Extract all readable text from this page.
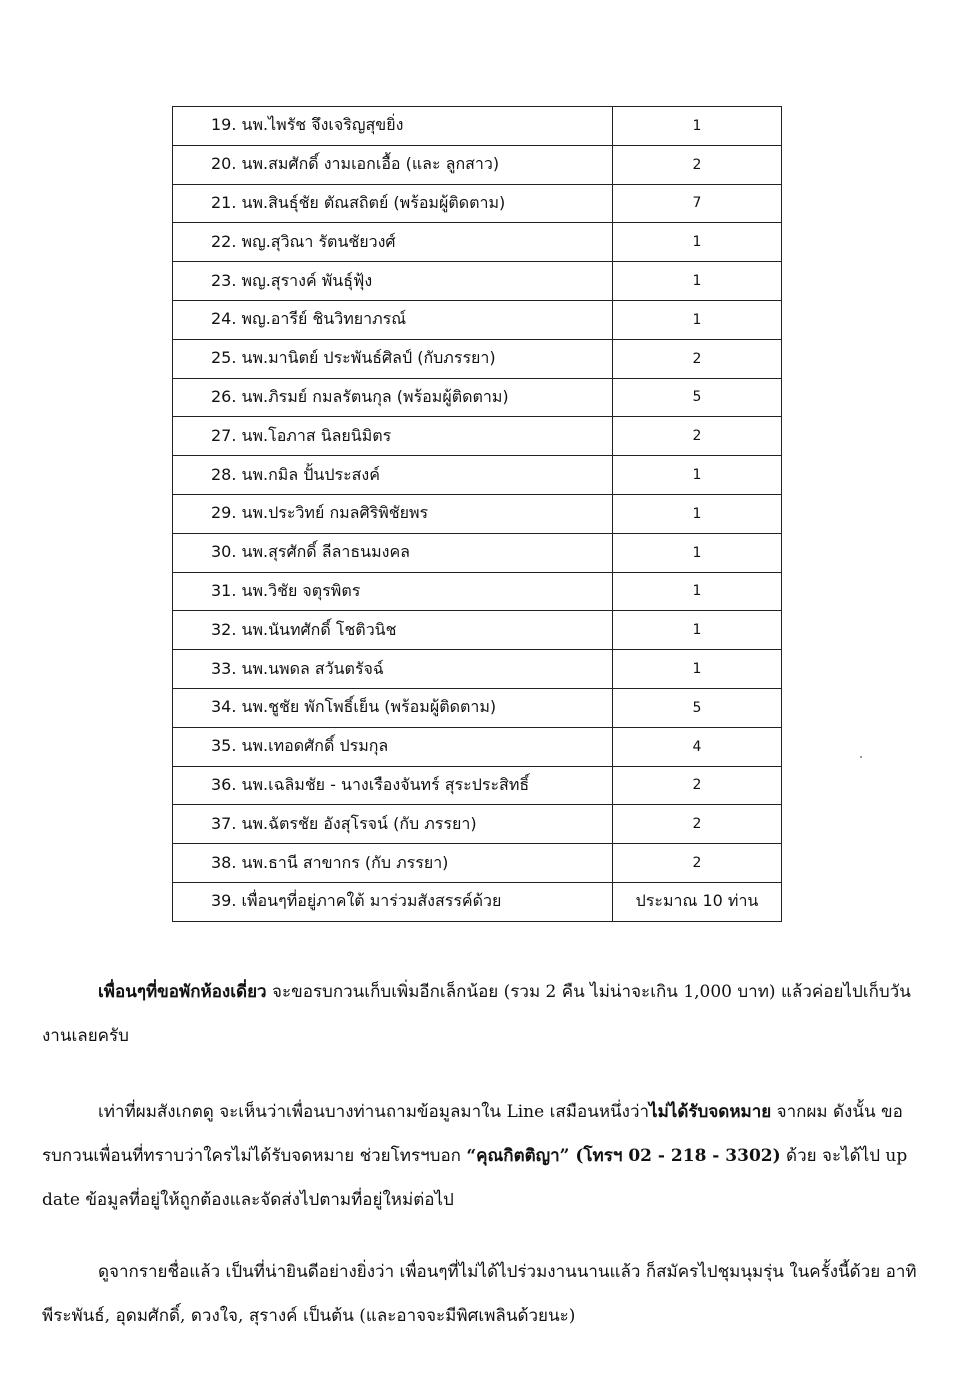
19. นพ.ไพรัช จึงเจริญสุขยิ่ง	1
20. นพ.สมศักดิ์ งามเอกเอื้อ (และ ลูกสาว)	2
21. นพ.สินธุ์ชัย ตัณสถิตย์ (พร้อมผู้ติดตาม)	7
22. พญ.สุวิณา รัตนชัยวงศ์	1
23. พญ.สุรางค์ พันธุ์ฟุ้ง	1
24. พญ.อารีย์ ชินวิทยาภรณ์	1
25. นพ.มานิตย์ ประพันธ์ศิลป์ (กับภรรยา)	2
26. นพ.ภิรมย์ กมลรัตนกุล (พร้อมผู้ติดตาม)	5
27. นพ.โอภาส นิลยนิมิตร	2
28. นพ.กมิล ปั้นประสงค์	1
29. นพ.ประวิทย์ กมลศิริพิชัยพร	1
30. นพ.สุรศักดิ์ ลีลาธนมงคล	1
31. นพ.วิชัย จตุรพิตร	1
32. นพ.นันทศักดิ์ โชติวนิช	1
33. นพ.นพดล สวันตรัจฉ์	1
34. นพ.ชูชัย พักโพธิ์เย็น (พร้อมผู้ติดตาม)	5
35. นพ.เทอดศักดิ์ ปรมกุล	4
36. นพ.เฉลิมชัย - นางเรืองจันทร์ สุระประสิทธิ์	2
37. นพ.ฉัตรชัย อังสุโรจน์ (กับ ภรรยา)	2
38. นพ.ธานี สาขากร (กับ ภรรยา)	2
39. เพื่อนๆที่อยู่ภาคใต้ มาร่วมสังสรรค์ด้วย	ประมาณ 10 ท่าน

เพื่อนๆที่ขอพักห้องเดี่ยว จะขอรบกวนเก็บเพิ่มอีกเล็กน้อย (รวม 2 คืน ไม่น่าจะเกิน 1,000 บาท) แล้วค่อยไปเก็บวันงานเลยครับ

เท่าที่ผมสังเกตดู จะเห็นว่าเพื่อนบางท่านถามข้อมูลมาใน Line เสมือนหนึ่งว่าไม่ได้รับจดหมาย จากผม ดังนั้น ขอรบกวนเพื่อนที่ทราบว่าใครไม่ได้รับจดหมาย ช่วยโทรฯบอก “คุณกิตติญา” (โทรฯ 02 - 218 - 3302) ด้วย จะได้ไป up date ข้อมูลที่อยู่ให้ถูกต้องและจัดส่งไปตามที่อยู่ใหม่ต่อไป

ดูจากรายชื่อแล้ว เป็นที่น่ายินดีอย่างยิ่งว่า เพื่อนๆที่ไม่ได้ไปร่วมงานนานแล้ว ก็สมัครไปชุมนุมรุ่น ในครั้งนี้ด้วย อาทิ พีระพันธ์, อุดมศักดิ์, ดวงใจ, สุรางค์ เป็นต้น (และอาจจะมีพิศเพลินด้วยนะ)
